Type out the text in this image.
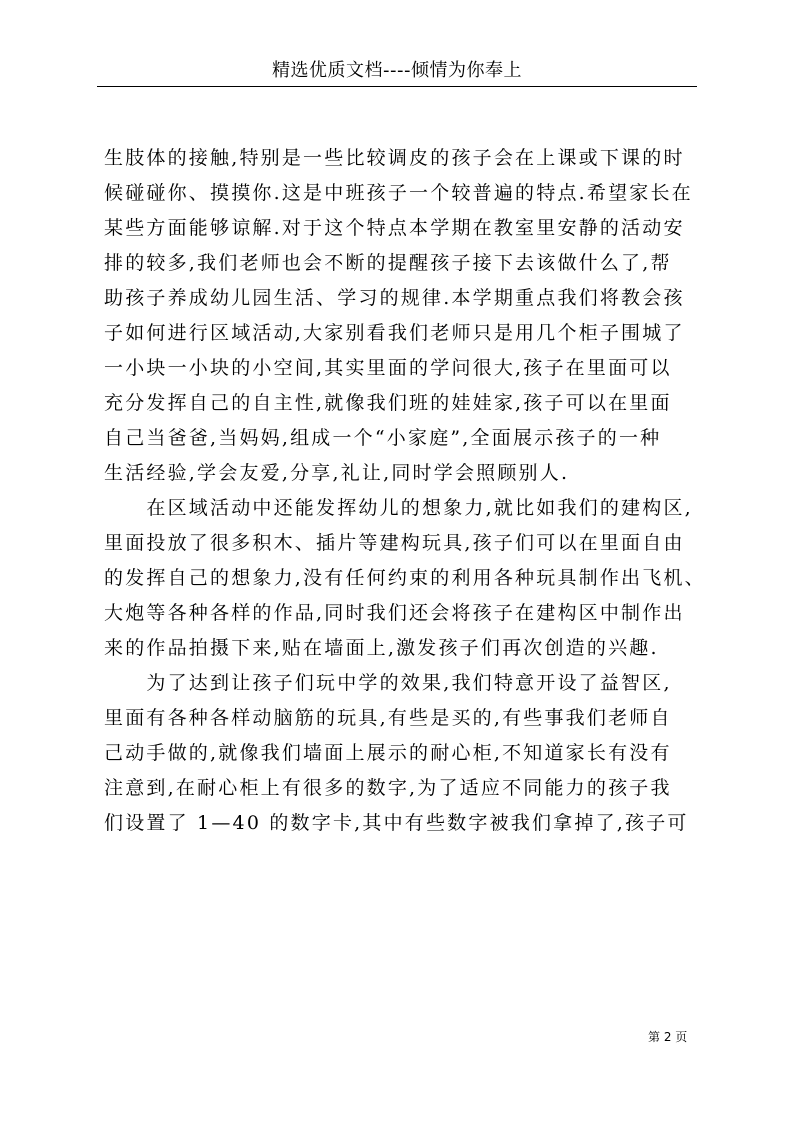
精选优质文档----倾情为你奉上
生肢体的接触,特别是一些比较调皮的孩子会在上课或下课的时
候碰碰你、摸摸你.这是中班孩子一个较普遍的特点.希望家长在
某些方面能够谅解.对于这个特点本学期在教室里安静的活动安
排的较多,我们老师也会不断的提醒孩子接下去该做什么了,帮
助孩子养成幼儿园生活、学习的规律.本学期重点我们将教会孩
子如何进行区域活动,大家别看我们老师只是用几个柜子围城了
一小块一小块的小空间,其实里面的学问很大,孩子在里面可以
充分发挥自己的自主性,就像我们班的娃娃家,孩子可以在里面
自己当爸爸,当妈妈,组成一个“小家庭”,全面展示孩子的一种
生活经验,学会友爱,分享,礼让,同时学会照顾别人.
　　在区域活动中还能发挥幼儿的想象力,就比如我们的建构区,
里面投放了很多积木、插片等建构玩具,孩子们可以在里面自由
的发挥自己的想象力,没有任何约束的利用各种玩具制作出飞机、
大炮等各种各样的作品,同时我们还会将孩子在建构区中制作出
来的作品拍摄下来,贴在墙面上,激发孩子们再次创造的兴趣.
　　为了达到让孩子们玩中学的效果,我们特意开设了益智区,
里面有各种各样动脑筋的玩具,有些是买的,有些事我们老师自
己动手做的,就像我们墙面上展示的耐心柜,不知道家长有没有
注意到,在耐心柜上有很多的数字,为了适应不同能力的孩子我
们设置了 1—40 的数字卡,其中有些数字被我们拿掉了,孩子可
第 2 页
